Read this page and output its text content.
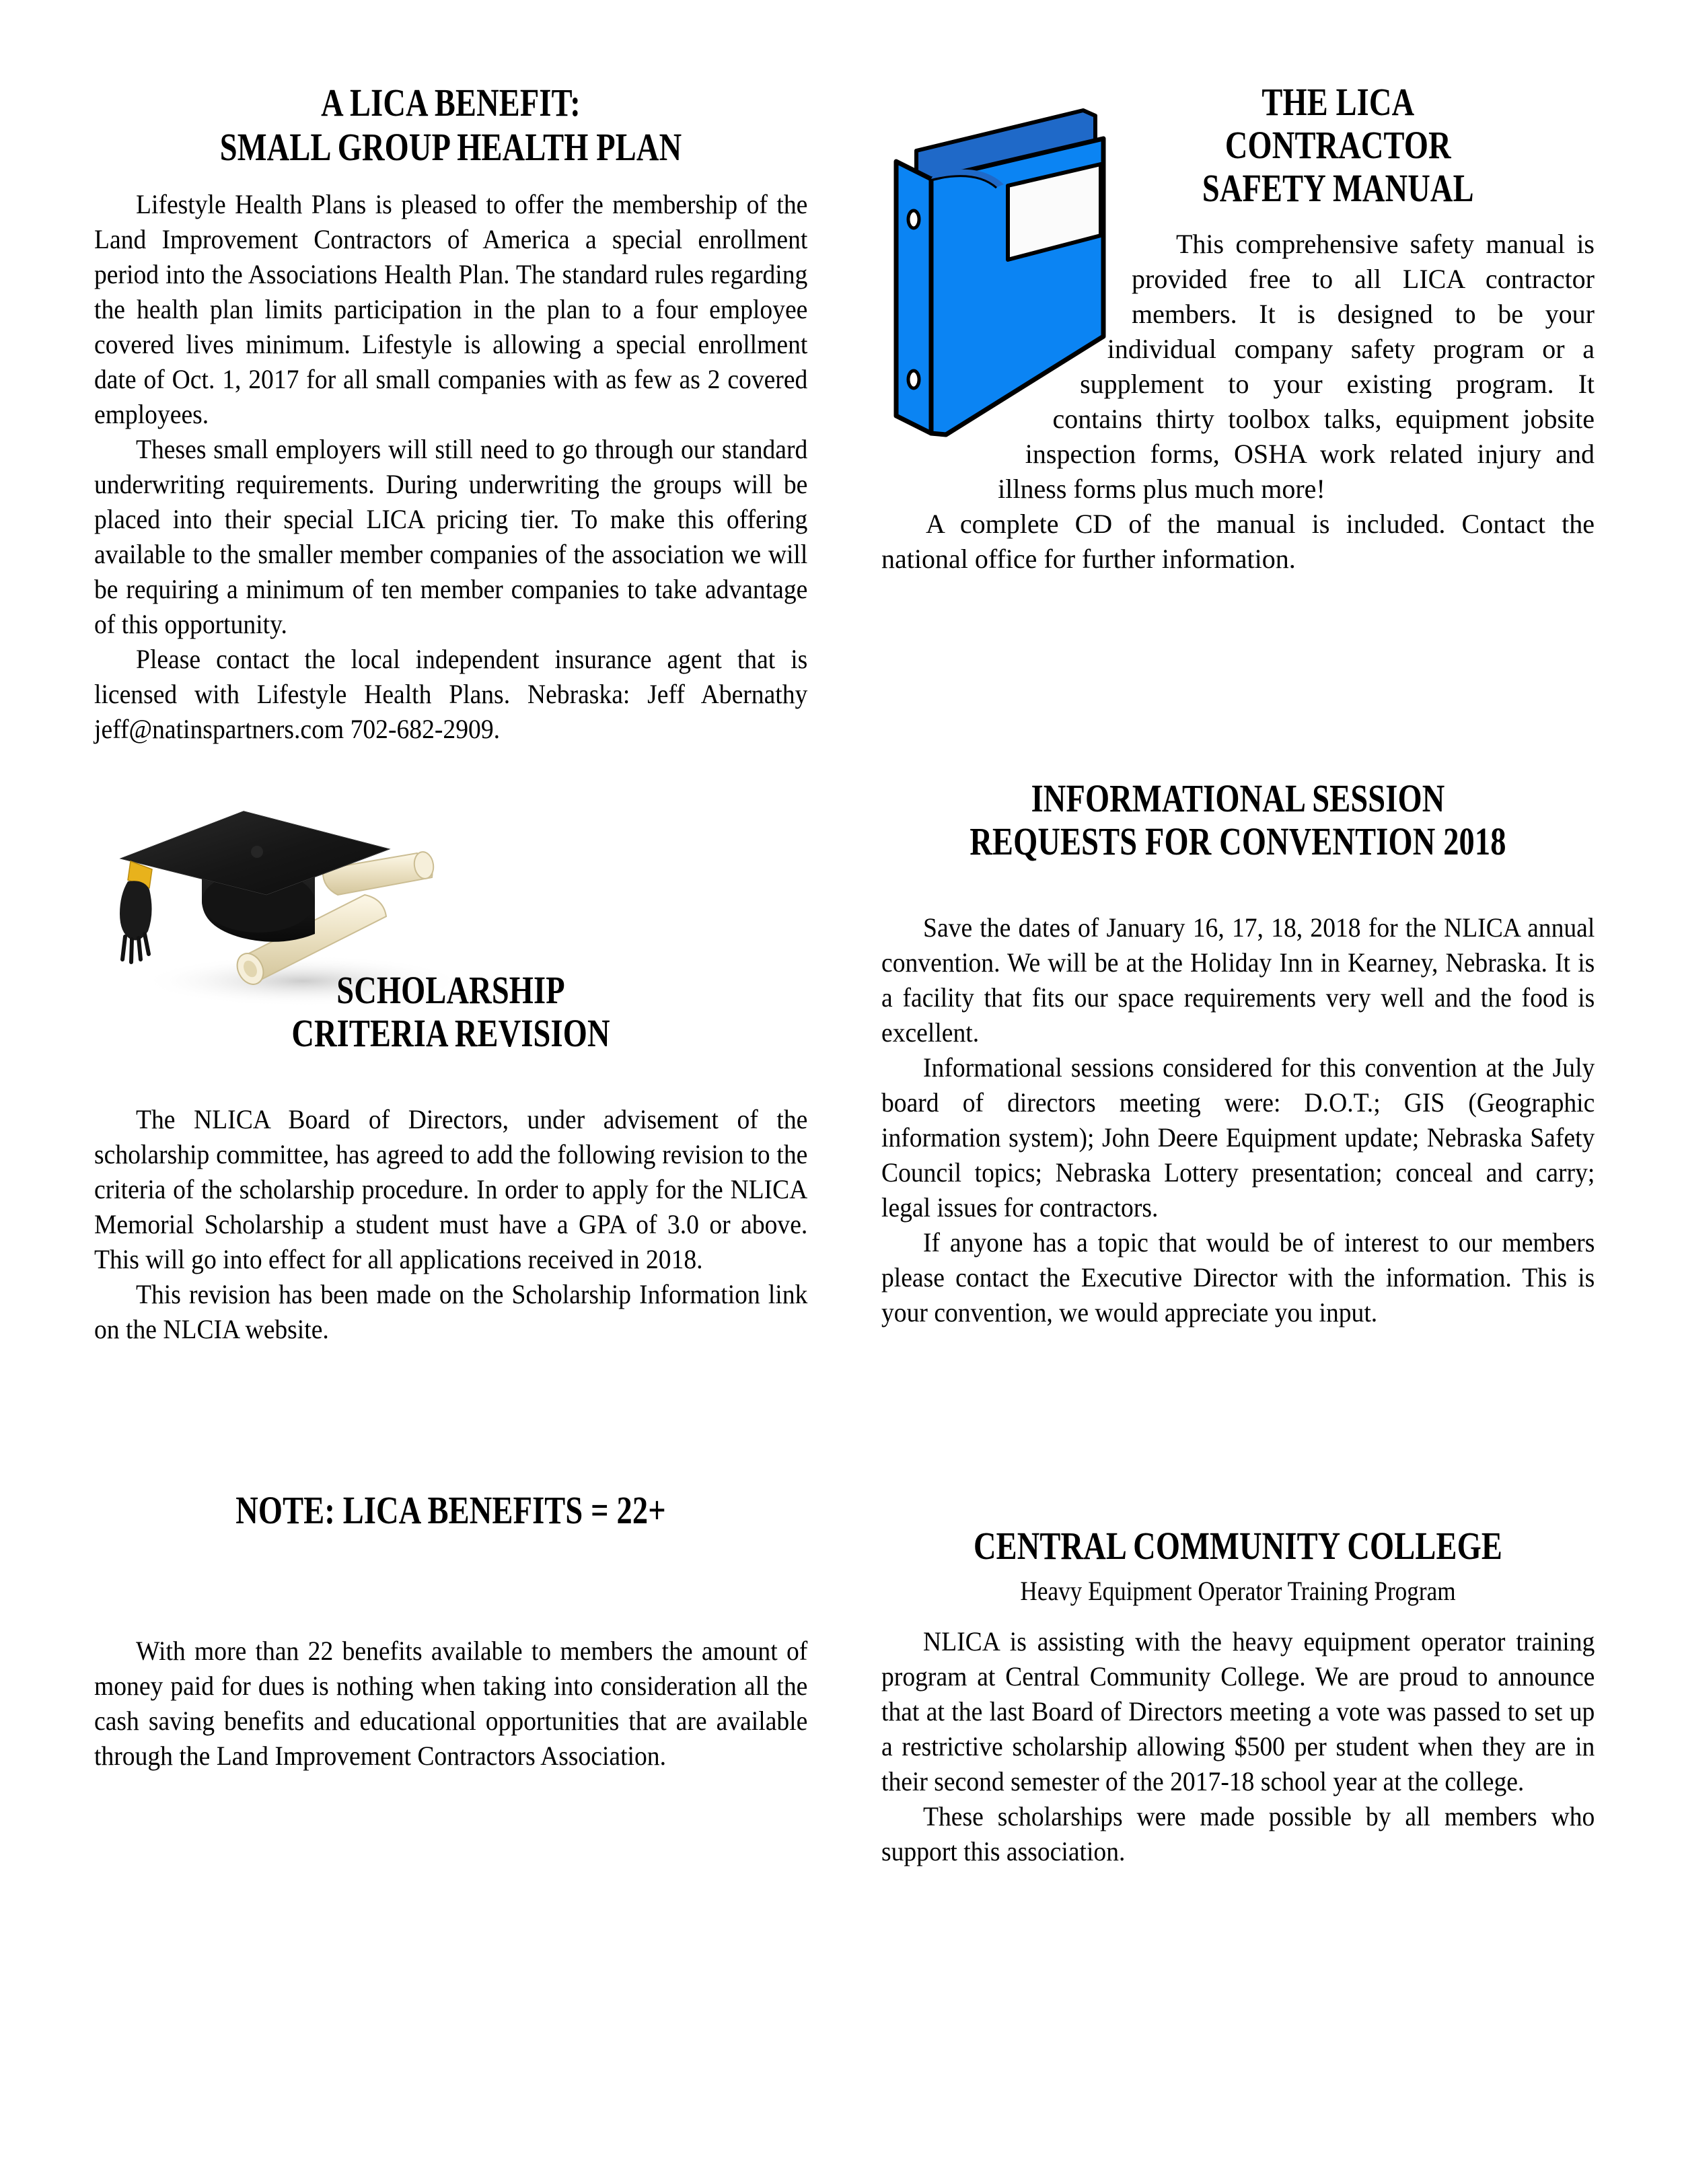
A LICA BENEFIT:
SMALL GROUP HEALTH PLAN

Lifestyle Health Plans is pleased to offer the membership of the Land Improvement Contractors of America a special enrollment period into the Associations Health Plan. The standard rules regarding the health plan limits participation in the plan to a four employee covered lives minimum. Lifestyle is allowing a special enrollment date of Oct. 1, 2017 for all small companies with as few as 2 covered employees.

Theses small employers will still need to go through our standard underwriting requirements. During underwriting the groups will be placed into their special LICA pricing tier. To make this offering available to the smaller member companies of the association we will be requiring a minimum of ten member companies to take advantage of this opportunity.

Please contact the local independent insurance agent that is licensed with Lifestyle Health Plans. Nebraska: Jeff Abernathy jeff@natinspartners.com 702-682-2909.

SCHOLARSHIP
CRITERIA REVISION

The NLICA Board of Directors, under advisement of the scholarship committee, has agreed to add the following revision to the criteria of the scholarship procedure. In order to apply for the NLICA Memorial Scholarship a student must have a GPA of 3.0 or above. This will go into effect for all applications received in 2018.

This revision has been made on the Scholarship Information link on the NLCIA website.

NOTE: LICA BENEFITS = 22+

With more than 22 benefits available to members the amount of money paid for dues is nothing when taking into consideration all the cash saving benefits and educational opportunities that are available through the Land Improvement Contractors Association.

THE LICA
CONTRACTOR
SAFETY MANUAL

This comprehensive safety manual is provided free to all LICA contractor members. It is designed to be your individual company safety program or a supplement to your existing program. It contains thirty toolbox talks, equipment jobsite inspection forms, OSHA work related injury and illness forms plus much more!

A complete CD of the manual is included. Contact the national office for further information.

INFORMATIONAL SESSION
REQUESTS FOR CONVENTION 2018

Save the dates of January 16, 17, 18, 2018 for the NLICA annual convention. We will be at the Holiday Inn in Kearney, Nebraska. It is a facility that fits our space requirements very well and the food is excellent.

Informational sessions considered for this convention at the July board of directors meeting were: D.O.T.; GIS (Geographic information system); John Deere Equipment update; Nebraska Safety Council topics; Nebraska Lottery presentation; conceal and carry; legal issues for contractors.

If anyone has a topic that would be of interest to our members please contact the Executive Director with the information. This is your convention, we would appreciate you input.

CENTRAL COMMUNITY COLLEGE
Heavy Equipment Operator Training Program

NLICA is assisting with the heavy equipment operator training program at Central Community College. We are proud to announce that at the last Board of Directors meeting a vote was passed to set up a restrictive scholarship allowing $500 per student when they are in their second semester of the 2017-18 school year at the college.

These scholarships were made possible by all members who support this association.
